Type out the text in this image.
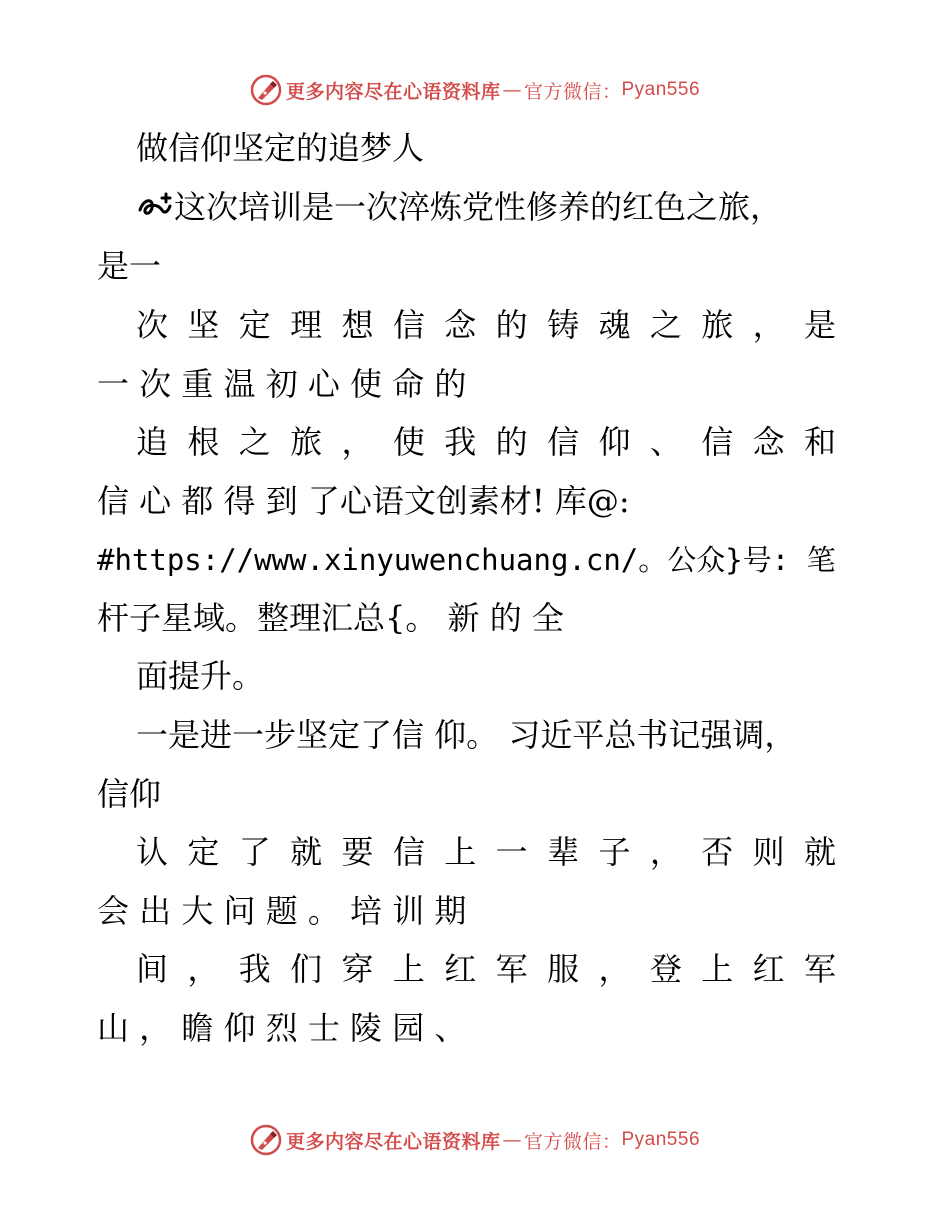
更多内容尽在心语资料库 — 官方微信： Pyan556
做信仰坚定的追梦人
这次培训是一次淬炼党性修养的红色之旅，
是一
次 坚 定 理 想 信 念 的 铸 魂 之 旅 ， 是
一 次 重 温 初 心 使 命 的
追 根 之 旅 ， 使 我 的 信 仰 、 信 念 和
信 心 都 得 到 了心语文创素材! 库@:
#https://www.xinyuwenchuang.cn/。公众}号: 笔
杆子星域。整理汇总{。 新 的 全
面提升。
一是进一步坚定了信 仰。 习近平总书记强调，
信仰
认 定 了 就 要 信 上 一 辈 子 ， 否 则 就
会 出 大 问 题 。 培 训 期
间 ， 我 们 穿 上 红 军 服 ， 登 上 红 军
山 ， 瞻 仰 烈 士 陵 园 、
更多内容尽在心语资料库 — 官方微信： Pyan556
